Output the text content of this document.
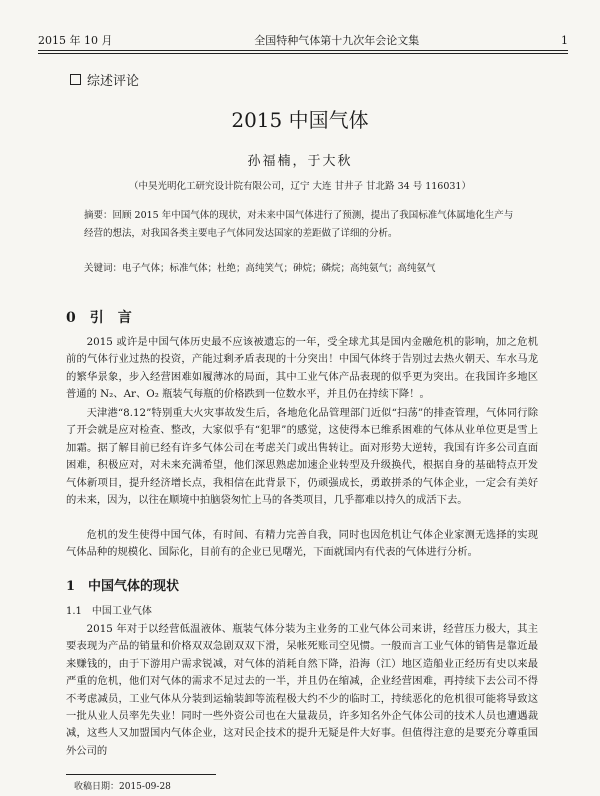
2015 年 10 月	全国特种气体第十九次年会论文集	1
综述评论
2015 中国气体
孙福楠，于大秋
（中昊光明化工研究设计院有限公司，辽宁 大连 甘井子 甘北路 34 号 116031）
摘要：回顾 2015 年中国气体的现状，对未来中国气体进行了预测，提出了我国标准气体属地化生产与经营的想法，对我国各类主要电子气体同发达国家的差距做了详细的分析。
关键词：电子气体；标准气体；杜绝；高纯笑气；砷烷；磷烷；高纯氨气；高纯氨气
0　引　言

2015 或许是中国气体历史最不应该被遗忘的一年，受全球尤其是国内金融危机的影响，加之危机前的气体行业过热的投资，产能过剩矛盾表现的十分突出！中国气体终于告别过去热火朝天、车水马龙的繁华景象，步入经营困难如履薄冰的局面，其中工业气体产品表现的似乎更为突出。在我国许多地区普通的 N₂、Ar、O₂ 瓶装气每瓶的价格跌到一位数水平，并且仍在持续下降！。

天津港“8.12”特别重大火灾事故发生后，各地危化品管理部门近似“扫荡”的排查管理，气体同行除了开会就是应对检查、整改，大家似乎有“犯罪”的感觉，这使得本已维系困难的气体从业单位更是雪上加霜。据了解目前已经有许多气体公司在考虑关门或出售转让。面对形势大逆转，我国有许多公司直面困难，积极应对，对未来充满希望，他们深思熟虑加速企业转型及升级换代，根据自身的基础特点开发气体新项目，提升经济增长点，我相信在此背景下，仍顽强成长，勇敢拼杀的气体企业，一定会有美好的未来，因为，以往在顺境中拍脑袋匆忙上马的各类项目，几乎都难以持久的成活下去。

危机的发生使得中国气体，有时间、有精力完善自我，同时也因危机让气体企业家测无选择的实现气体品种的规模化、国际化，目前有的企业已见曙光，下面就国内有代表的气体进行分析。

1　中国气体的现状
1.1　中国工业气体

2015 年对于以经营低温液体、瓶装气体分装为主业务的工业气体公司来讲，经营压力极大，其主要表现为产品的销量和价格双双急剧双双下滑，呆帐死账司空见惯。一般而言工业气体的销售是靠近最来赚钱的，由于下游用户需求锐减，对气体的消耗自然下降，沿海（江）地区造船业正经历有史以来最严重的危机，他们对气体的需求不足过去的一半，并且仍在缩减，企业经营困难，再持续下去公司不得不考虑减员，工业气体从分装到运输装卸等流程极大约不少的临时工，持续恶化的危机很可能将导致这一批从业人员率先失业！同时一些外资公司也在大量裁员，许多知名外企气体公司的技术人员也遭遇裁减，这些人又加盟国内气体企业，这对民企技术的提升无疑是件大好事。但值得注意的是要充分尊重国外公司的

收稿日期：2015-09-28
